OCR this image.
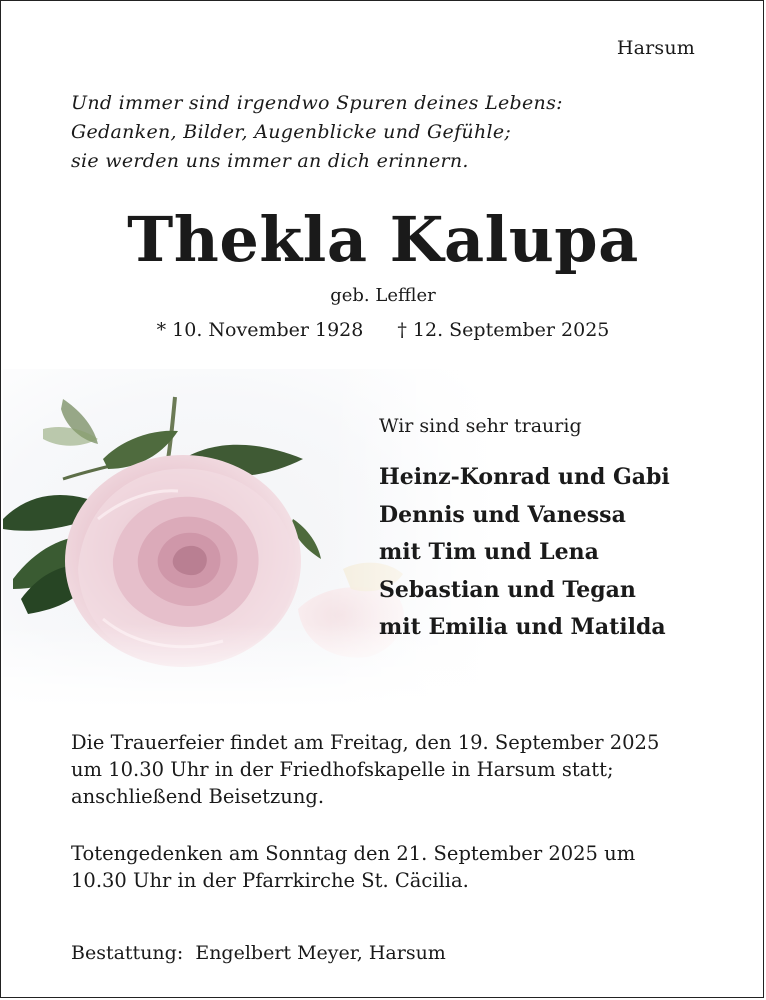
Harsum
Und immer sind irgendwo Spuren deines Lebens:
Gedanken, Bilder, Augenblicke und Gefühle;
sie werden uns immer an dich erinnern.
Thekla Kalupa
geb. Leffler
* 10. November 1928 † 12. September 2025
Wir sind sehr traurig
Heinz-Konrad und Gabi
Dennis und Vanessa
mit Tim und Lena
Sebastian und Tegan
mit Emilia und Matilda
Die Trauerfeier findet am Freitag, den 19. September 2025
um 10.30 Uhr in der Friedhofskapelle in Harsum statt;
anschließend Beisetzung.
Totengedenken am Sonntag den 21. September 2025 um
10.30 Uhr in der Pfarrkirche St. Cäcilia.
Bestattung: Engelbert Meyer, Harsum
